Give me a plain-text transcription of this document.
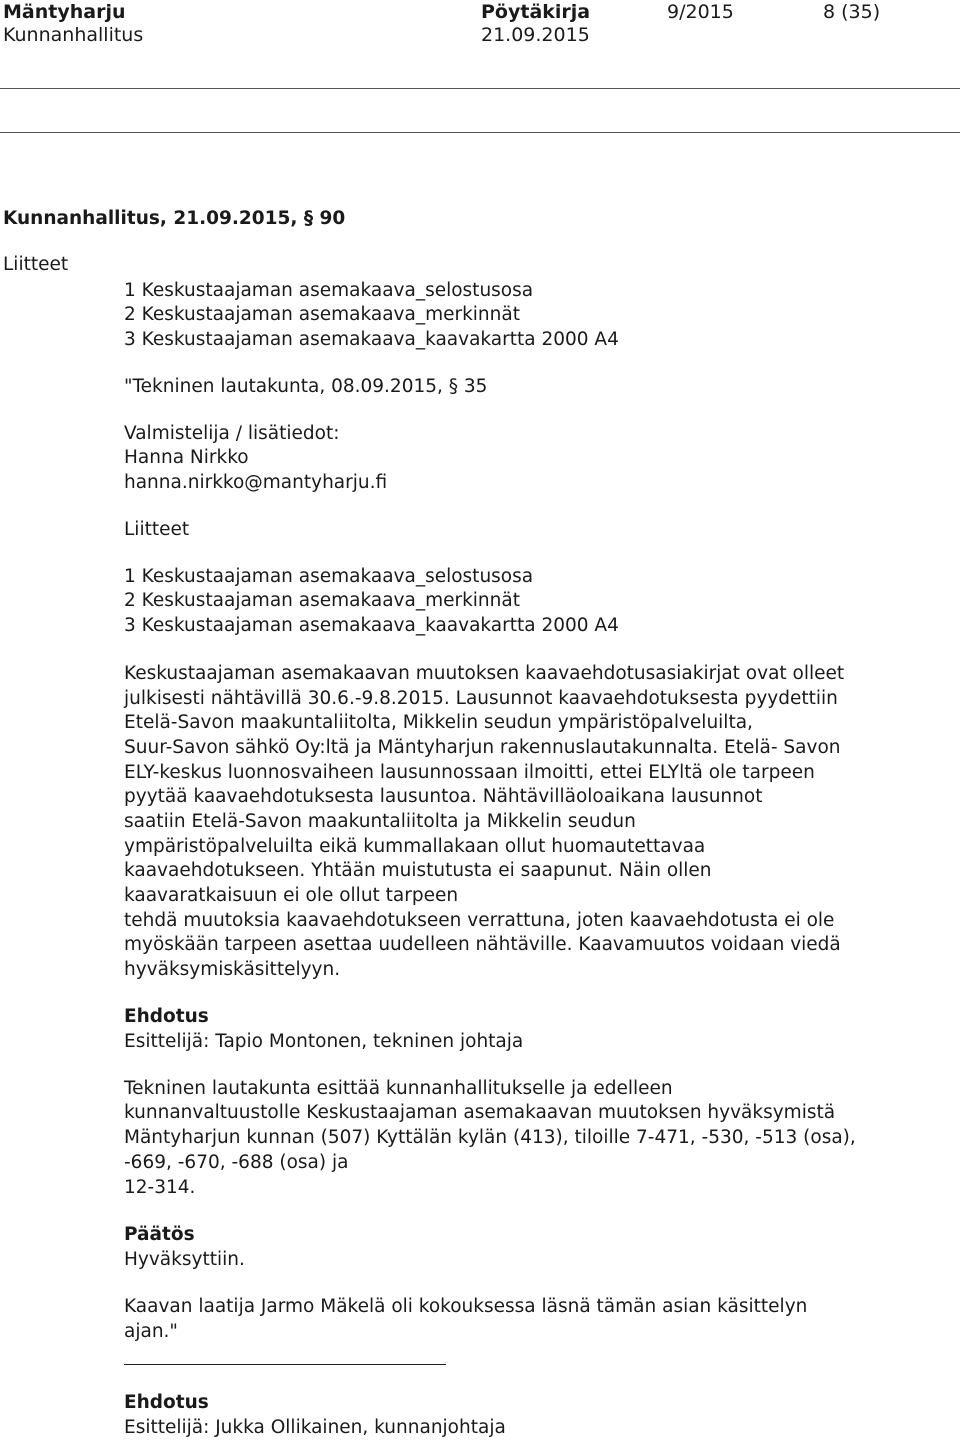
Mäntyharju	Pöytäkirja	9/2015	8 (35)
Kunnanhallitus	21.09.2015
Kunnanhallitus, 21.09.2015, § 90
Liitteet
1 Keskustaajaman asemakaava_selostusosa
2 Keskustaajaman asemakaava_merkinnät
3 Keskustaajaman asemakaava_kaavakartta 2000 A4
"Tekninen lautakunta, 08.09.2015, § 35
Valmistelija / lisätiedot:
Hanna Nirkko
hanna.nirkko@mantyharju.fi
Liitteet
1 Keskustaajaman asemakaava_selostusosa
2 Keskustaajaman asemakaava_merkinnät
3 Keskustaajaman asemakaava_kaavakartta 2000 A4
Keskustaajaman asemakaavan muutoksen kaavaehdotusasiakirjat ovat olleet
julkisesti nähtävillä 30.6.-9.8.2015. Lausunnot kaavaehdotuksesta pyydettiin
Etelä-Savon maakuntaliitolta, Mikkelin seudun ympäristöpalveluilta,
Suur-Savon sähkö Oy:ltä ja Mäntyharjun rakennuslautakunnalta. Etelä- Savon
ELY-keskus luonnosvaiheen lausunnossaan ilmoitti, ettei ELYltä ole tarpeen
pyytää kaavaehdotuksesta lausuntoa. Nähtävilläoloaikana lausunnot
saatiin Etelä-Savon maakuntaliitolta ja Mikkelin seudun
ympäristöpalveluilta eikä kummallakaan ollut huomautettavaa
kaavaehdotukseen. Yhtään muistutusta ei saapunut. Näin ollen
kaavaratkaisuun ei ole ollut tarpeen
tehdä muutoksia kaavaehdotukseen verrattuna, joten kaavaehdotusta ei ole
myöskään tarpeen asettaa uudelleen nähtäville. Kaavamuutos voidaan viedä
hyväksymiskäsittelyyn.
Ehdotus
Esittelijä: Tapio Montonen, tekninen johtaja
Tekninen lautakunta esittää kunnanhallitukselle ja edelleen
kunnanvaltuustolle Keskustaajaman asemakaavan muutoksen hyväksymistä
Mäntyharjun kunnan (507) Kyttälän kylän (413), tiloille 7-471, -530, -513 (osa),
-669, -670, -688 (osa) ja
12-314.
Päätös
Hyväksyttiin.
Kaavan laatija Jarmo Mäkelä oli kokouksessa läsnä tämän asian käsittelyn
ajan."
Ehdotus
Esittelijä: Jukka Ollikainen, kunnanjohtaja
